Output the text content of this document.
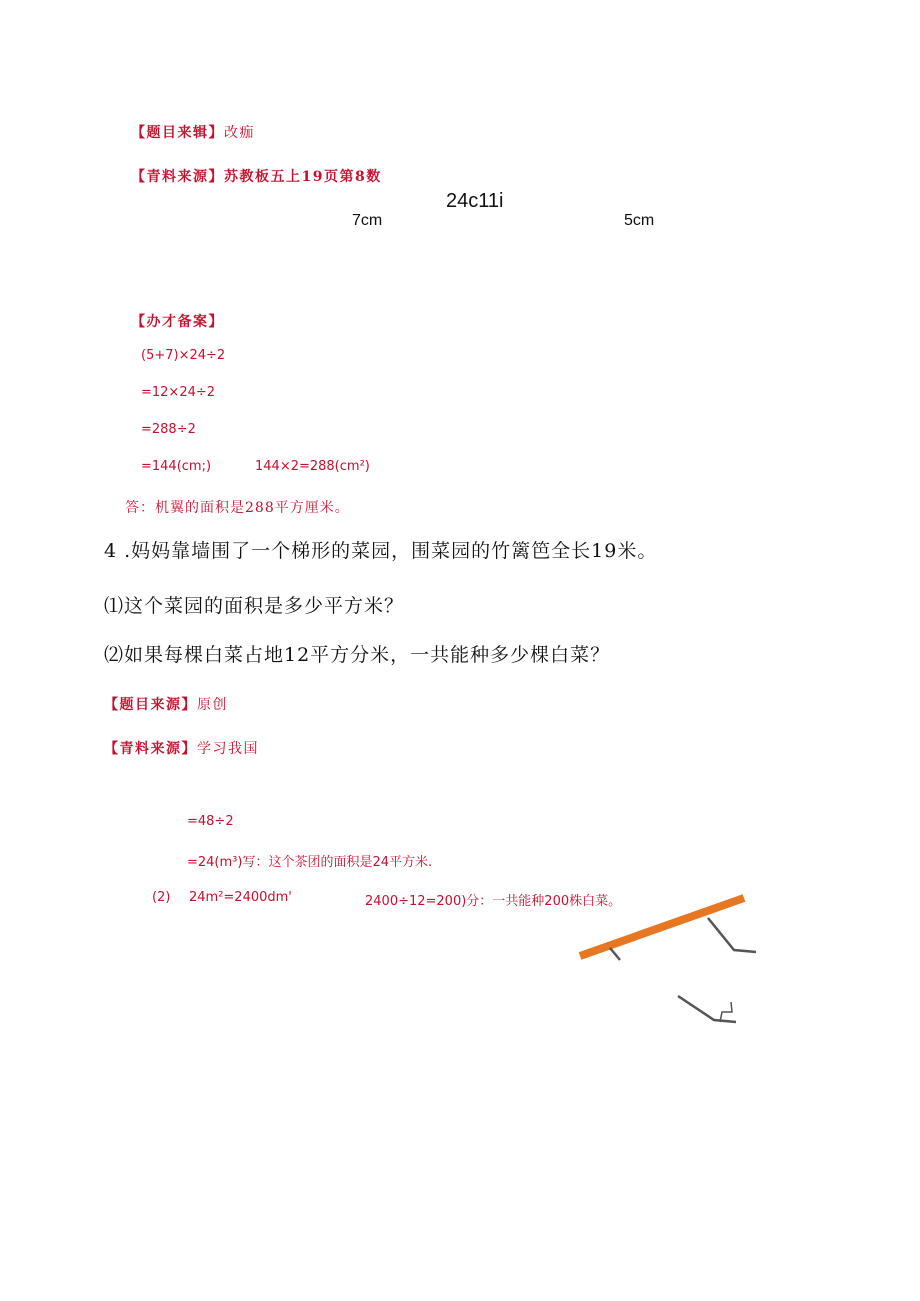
【题目来辑】改痂
【青料来源】苏教板五上19页第8数
24c11i
7cm	5cm
【办才备案】
(5+7)×24÷2
=12×24÷2
=288÷2
=144(cm;)	144×2=288(cm²)
答：机翼的面积是288平方厘米。
4 .妈妈靠墙围了一个梯形的菜园，围菜园的竹篱笆全长19米。
⑴这个菜园的面积是多少平方米？
⑵如果每棵白菜占地12平方分米，一共能种多少棵白菜？
【题目来源】原创
【青料来源】学习我国
=48÷2
=24(m³)写：这个茶团的面积是24平方米.
(2) 24m²=2400dm'	2400÷12=200)分：一共能种200株白菜。
